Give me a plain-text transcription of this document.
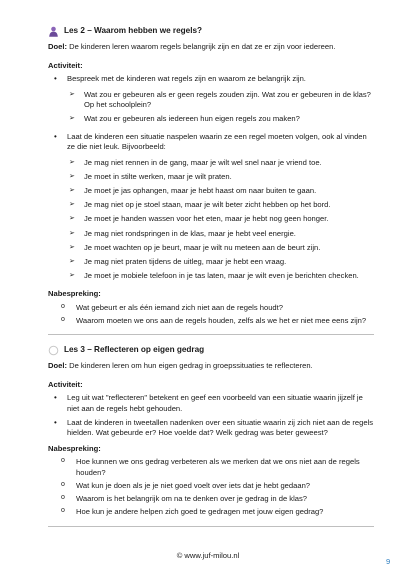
Les 2 – Waarom hebben we regels?

Doel: De kinderen leren waarom regels belangrijk zijn en dat ze er zijn voor iedereen.

Activiteit:
• Bespreek met de kinderen wat regels zijn en waarom ze belangrijk zijn.
➢ Wat zou er gebeuren als er geen regels zouden zijn. Wat zou er gebeuren in de klas? Op het schoolplein?
➢ Wat zou er gebeuren als iedereen hun eigen regels zou maken?
• Laat de kinderen een situatie naspelen waarin ze een regel moeten volgen, ook al vinden ze die niet leuk. Bijvoorbeeld:
➢ Je mag niet rennen in de gang, maar je wilt wel snel naar je vriend toe.
➢ Je moet in stilte werken, maar je wilt praten.
➢ Je moet je jas ophangen, maar je hebt haast om naar buiten te gaan.
➢ Je mag niet op je stoel staan, maar je wilt beter zicht hebben op het bord.
➢ Je moet je handen wassen voor het eten, maar je hebt nog geen honger.
➢ Je mag niet rondspringen in de klas, maar je hebt veel energie.
➢ Je moet wachten op je beurt, maar je wilt nu meteen aan de beurt zijn.
➢ Je mag niet praten tijdens de uitleg, maar je hebt een vraag.
➢ Je moet je mobiele telefoon in je tas laten, maar je wilt even je berichten checken.
Nabespreking:
o Wat gebeurt er als één iemand zich niet aan de regels houdt?
o Waarom moeten we ons aan de regels houden, zelfs als we het er niet mee eens zijn?
Les 3 – Reflecteren op eigen gedrag

Doel: De kinderen leren om hun eigen gedrag in groepssituaties te reflecteren.

Activiteit:
• Leg uit wat "reflecteren" betekent en geef een voorbeeld van een situatie waarin jijzelf je niet aan de regels hebt gehouden.
• Laat de kinderen in tweetallen nadenken over een situatie waarin zij zich niet aan de regels hielden. Wat gebeurde er? Hoe voelde dat? Welk gedrag was beter geweest?
Nabespreking:
o Hoe kunnen we ons gedrag verbeteren als we merken dat we ons niet aan de regels houden?
o Wat kun je doen als je je niet goed voelt over iets dat je hebt gedaan?
o Waarom is het belangrijk om na te denken over je gedrag in de klas?
o Hoe kun je andere helpen zich goed te gedragen met jouw eigen gedrag?
© www.juf-milou.nl
9
